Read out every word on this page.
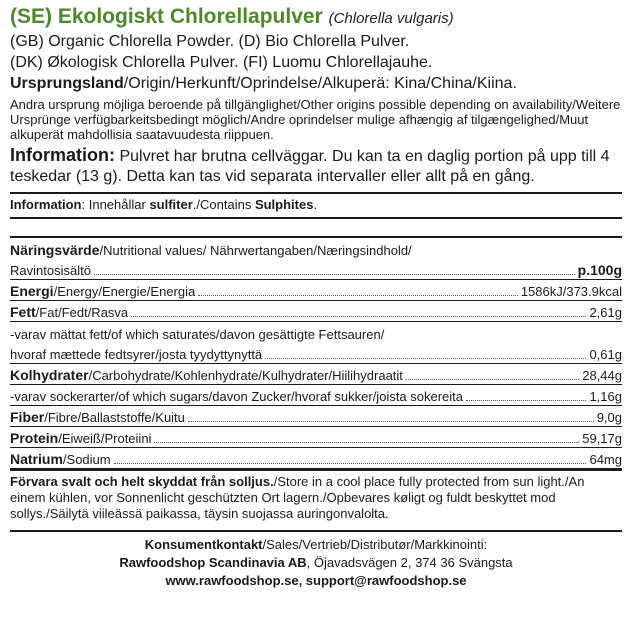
(SE) Ekologiskt Chlorellapulver (Chlorella vulgaris)
(GB) Organic Chlorella Powder. (D) Bio Chlorella Pulver.
(DK) Økologisk Chlorella Pulver. (FI) Luomu Chlorellajauhe.
Ursprungsland/Origin/Herkunft/Oprindelse/Alkuperä: Kina/China/Kiina.
Andra ursprung möjliga beroende på tillgänglighet/Other origins possible depending on availability/Weitere Ursprünge verfügbarkeitsbedingt möglich/Andre oprindelser mulige afhængig af tilgængelighed/Muut alkuperät mahdollisia saatavuudesta riippuen.
Information: Pulvret har brutna cellväggar. Du kan ta en daglig portion på upp till 4 teskedar (13 g). Detta kan tas vid separata intervaller eller allt på en gång.
Information: Innehållar sulfiter./Contains Sulphites.
Näringsvärde/Nutritional values/ Nährwertangaben/Næringsindhold/
Ravintosisältö	p.100g
Energi/Energy/Energie/Energia	1586kJ/373.9kcal
Fett/Fat/Fedt/Rasva	2,61g
-varav mättat fett/of which saturates/davon gesättigte Fettsauren/
hvoraf mættede fedtsyrer/josta tyydyttynyttä	0,61g
Kolhydrater/Carbohydrate/Kohlenhydrate/Kulhydrater/Hiilihydraatit	28,44g
-varav sockerarter/of which sugars/davon Zucker/hvoraf sukker/joista sokereita	1,16g
Fiber/Fibre/Ballaststoffe/Kuitu	9,0g
Protein/Eiweiß/Proteiini	59,17g
Natrium/Sodium	64mg
Förvara svalt och helt skyddat från solljus./Store in a cool place fully protected from sun light./An einem kühlen, vor Sonnenlicht geschützten Ort lagern./Opbevares køligt og fuldt beskyttet mod sollys./Säilytä viileässä paikassa, täysin suojassa auringonvalolta.
Konsumentkontakt/Sales/Vertrieb/Distributør/Markkinointi:
Rawfoodshop Scandinavia AB, Öjavadsvägen 2, 374 36 Svängsta
www.rawfoodshop.se, support@rawfoodshop.se
